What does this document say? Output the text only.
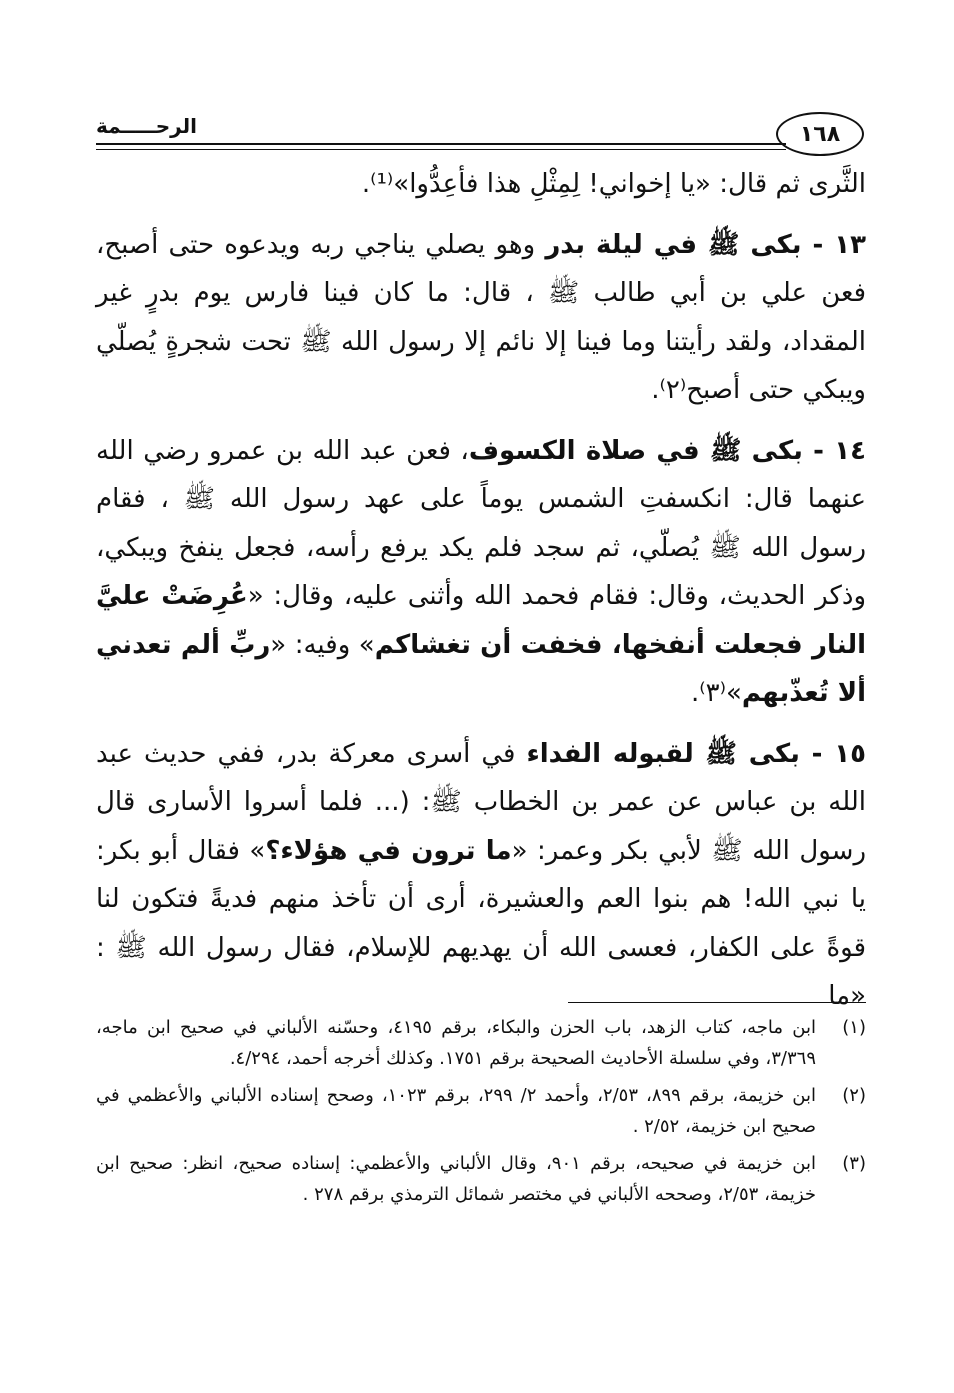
الرحـــــمة	١٦٨

الثَّرى ثم قال: «يا إخواني! لِمِثْلِ هذا فأعِدُّوا»⁽¹⁾.

١٣ - بكى ﷺ في ليلة بدر وهو يصلي يناجي ربه ويدعوه حتى أصبح، فعن علي بن أبي طالب ﷺ ، قال: ما كان فينا فارس يوم بدرٍ غير المقداد، ولقد رأيتنا وما فينا إلا نائم إلا رسول الله ﷺ تحت شجرةٍ يُصلّي ويبكي حتى أصبح⁽٢⁾.

١٤ - بكى ﷺ في صلاة الكسوف، فعن عبد الله بن عمرو رضي الله عنهما قال: انكسفتِ الشمس يوماً على عهد رسول الله ﷺ ، فقام رسول الله ﷺ يُصلّي، ثم سجد فلم يكد يرفع رأسه، فجعل ينفخ ويبكي، وذكر الحديث، وقال: فقام فحمد الله وأثنى عليه، وقال: «عُرِضَتْ عليَّ النار فجعلت أنفخها، فخفت أن تغشاكم» وفيه: «ربِّ ألم تعدني ألا تُعذّبهم»⁽٣⁾.

١٥ - بكى ﷺ لقبوله الفداء في أسرى معركة بدر، ففي حديث عبد الله بن عباس عن عمر بن الخطاب ﷺ: (... فلما أسروا الأسارى قال رسول الله ﷺ لأبي بكر وعمر: «ما ترون في هؤلاء؟» فقال أبو بكر: يا نبي الله! هم بنوا العم والعشيرة، أرى أن تأخذ منهم فديةً فتكون لنا قوةً على الكفار، فعسى الله أن يهديهم للإسلام، فقال رسول الله ﷺ : «ما

(١)
ابن ماجه، كتاب الزهد، باب الحزن والبكاء، برقم ٤١٩٥، وحسّنه الألباني في صحيح ابن ماجه، ٣/٣٦٩، وفي سلسلة الأحاديث الصحيحة برقم ١٧٥١. وكذلك أخرجه أحمد، ٤/٢٩٤.
(٢)
ابن خزيمة، برقم ٨٩٩، ٢/٥٣، وأحمد ٢/ ٢٩٩، برقم ١٠٢٣، وصحح إسناده الألباني والأعظمي في صحيح ابن خزيمة، ٢/٥٢ .
(٣)
ابن خزيمة في صحيحه، برقم ٩٠١، وقال الألباني والأعظمي: إسناده صحيح، انظر: صحيح ابن خزيمة، ٢/٥٣، وصححه الألباني في مختصر شمائل الترمذي برقم ٢٧٨ .
